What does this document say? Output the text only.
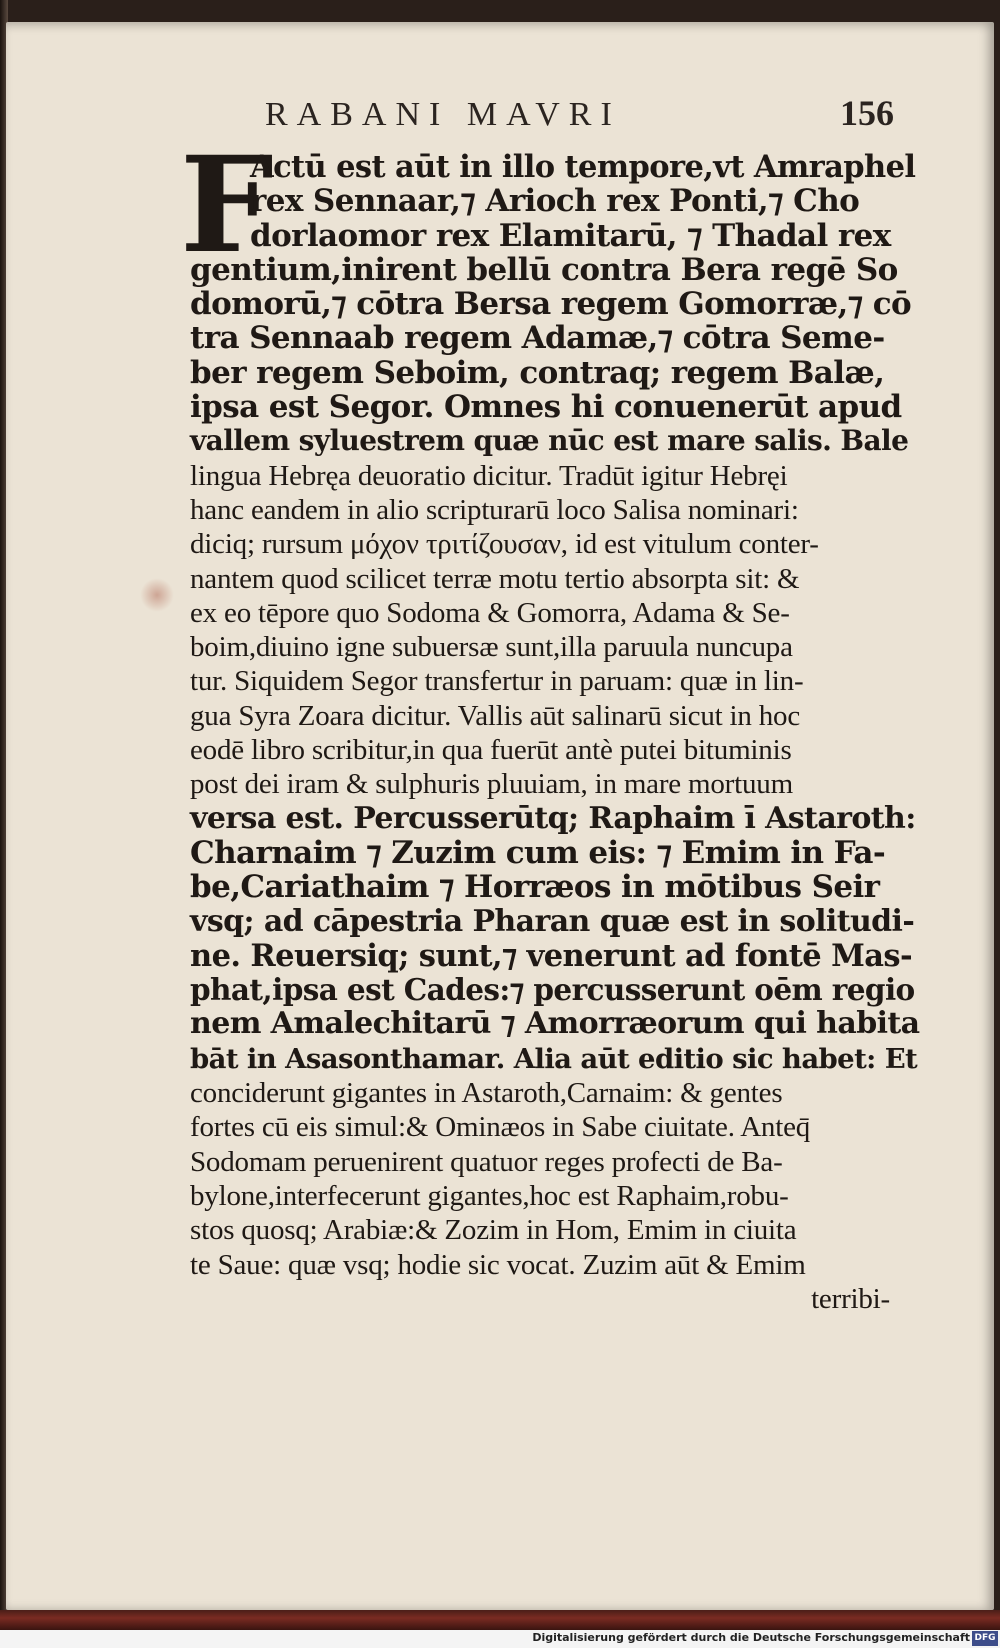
RABANI MAVRI	156
F
Actū est aūt in illo tempore,vt Amraphel
rex Sennaar,⁊ Arioch rex Ponti,⁊ Cho
dorlaomor rex Elamitarū, ⁊ Thadal rex
gentium,inirent bellū contra Bera regē So
domorū,⁊ cōtra Bersa regem Gomorræ,⁊ cō
tra Sennaab regem Adamæ,⁊ cōtra Seme-
ber regem Seboim, contraq; regem Balæ,
ipsa est Segor. Omnes hi conuenerūt apud
vallem syluestrem quæ nūc est mare salis. Bale
lingua Hebręa deuoratio dicitur. Tradūt igitur Hebręi
hanc eandem in alio scripturarū loco Salisa nominari:
diciq; rursum μόχον τριτίζουσαν, id est vitulum conter-
nantem quod scilicet terræ motu tertio absorpta sit: &
ex eo tēpore quo Sodoma & Gomorra, Adama & Se-
boim,diuino igne subuersæ sunt,illa paruula nuncupa
tur. Siquidem Segor transfertur in paruam: quæ in lin-
gua Syra Zoara dicitur. Vallis aūt salinarū sicut in hoc
eodē libro scribitur,in qua fuerūt antè putei bituminis
post dei iram & sulphuris pluuiam, in mare mortuum
versa est. Percusserūtq; Raphaim ī Astaroth:
Charnaim ⁊ Zuzim cum eis: ⁊ Emim in Fa-
be,Cariathaim ⁊ Horræos in mōtibus Seir
vsq; ad cāpestria Pharan quæ est in solitudi-
ne. Reuersiq; sunt,⁊ venerunt ad fontē Mas-
phat,ipsa est Cades:⁊ percusserunt oēm regio
nem Amalechitarū ⁊ Amorræorum qui habita
bāt in Asasonthamar. Alia aūt editio sic habet: Et
conciderunt gigantes in Astaroth,Carnaim: & gentes
fortes cū eis simul:& Ominæos in Sabe ciuitate. Anteq̄
Sodomam peruenirent quatuor reges profecti de Ba-
bylone,interfecerunt gigantes,hoc est Raphaim,robu-
stos quosq; Arabiæ:& Zozim in Hom, Emim in ciuita
te Saue: quæ vsq; hodie sic vocat. Zuzim aūt & Emim
terribi-
Digitalisierung gefördert durch die Deutsche Forschungsgemeinschaft DFG
